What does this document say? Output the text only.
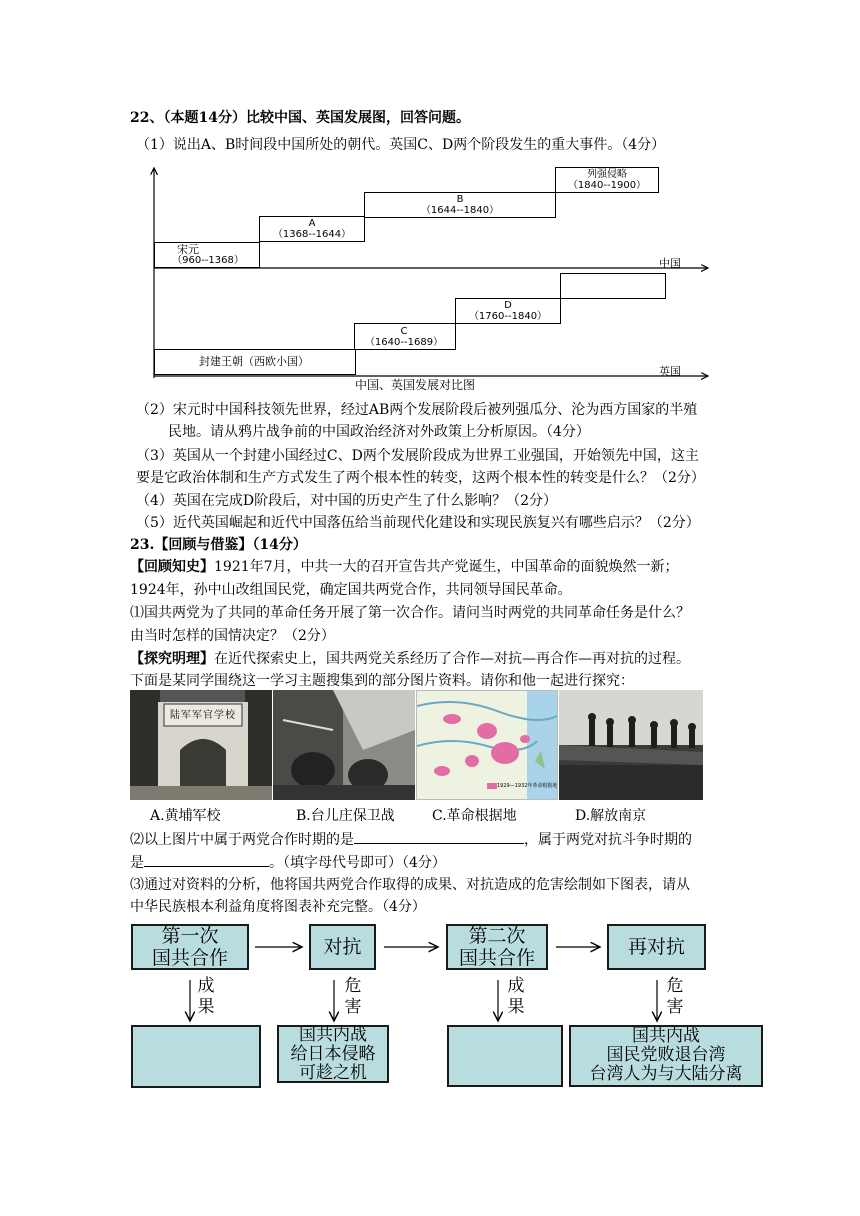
22、（本题14分）比较中国、英国发展图，回答问题。
（1）说出A、B时间段中国所处的朝代。英国C、D两个阶段发生的重大事件。（4分）
宋元
（960--1368）
A
（1368--1644）
B
（1644--1840）
列强侵略
（1840--1900）
中国
封建王朝（西欧小国）
C
（1640--1689）
D
（1760--1840）
英国
中国、英国发展对比图
（2）宋元时中国科技领先世界，经过AB两个发展阶段后被列强瓜分、沦为西方国家的半殖
民地。请从鸦片战争前的中国政治经济对外政策上分析原因。（4分）
（3）英国从一个封建小国经过C、D两个发展阶段成为世界工业强国，开始领先中国，这主
要是它政治体制和生产方式发生了两个根本性的转变，这两个根本性的转变是什么？（2分）
（4）英国在完成D阶段后，对中国的历史产生了什么影响？（2分）
（5）近代英国崛起和近代中国落伍给当前现代化建设和实现民族复兴有哪些启示？（2分）
23.【回顾与借鉴】（14分）
【回顾知史】1921年7月，中共一大的召开宣告共产党诞生，中国革命的面貌焕然一新；
1924年，孙中山改组国民党，确定国共两党合作，共同领导国民革命。
⑴国共两党为了共同的革命任务开展了第一次合作。请问当时两党的共同革命任务是什么？
由当时怎样的国情决定？（2分）
【探究明理】在近代探索史上，国共两党关系经历了合作—对抗—再合作—再对抗的过程。
下面是某同学围绕这一学习主题搜集到的部分图片资料。请你和他一起进行探究：
陆军军官学校
1929—1932年革命根据地
A.黄埔军校	B.台儿庄保卫战	C.革命根据地	D.解放南京
⑵以上图片中属于两党合作时期的是	，属于两党对抗斗争时期的
是	。（填字母代号即可）（4分）
⑶通过对资料的分析，他将国共两党合作取得的成果、对抗造成的危害绘制如下图表，请从
中华民族根本利益角度将图表补充完整。（4分）
第一次
国共合作	对抗	第二次
国共合作	再对抗
成
果
危
害
成
果
危
害
国共内战
给日本侵略
可趁之机
国共内战
国民党败退台湾
台湾人为与大陆分离
